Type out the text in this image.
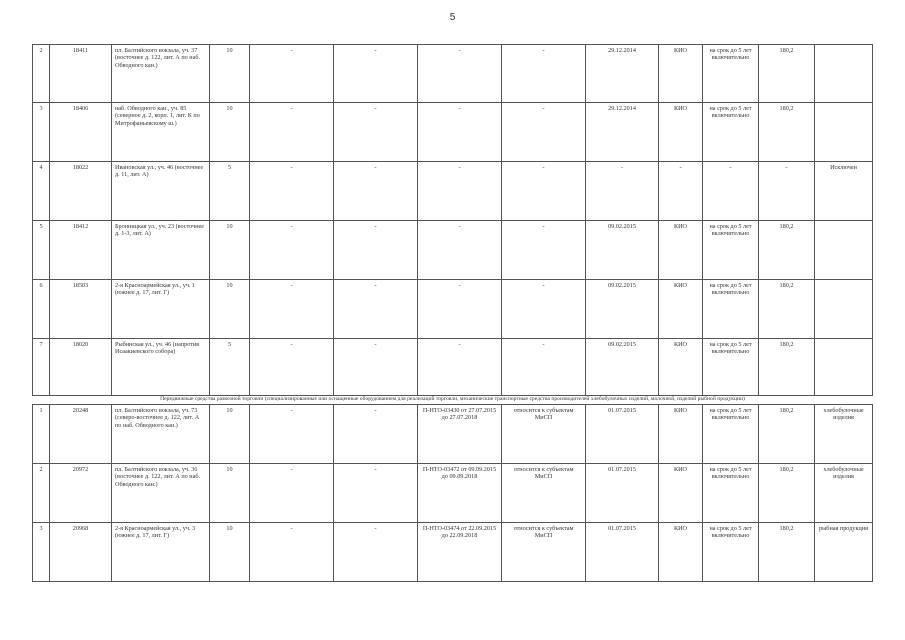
5
2	18411	пл. Балтийского вокзала, уч. 37 (восточнее д. 122, лит. А по наб. Обводного кан.)	10	-	-	-	-	29.12.2014	КИО	на срок до 5 лет включительно	180,2	
3	18406	наб. Обводного кан., уч. 85 (северное д. 2, корп. 1, лит. К по Митрофаньевскому ш.)	10	-	-	-	-	29.12.2014	КИО	на срок до 5 лет включительно	180,2	
4	18022	Ивановская ул., уч. 46 (восточнее д. 11, лит. А)	5	-	-	-	-	-	-	-	-	Исключен
5	18412	Бронницкая ул., уч. 23 (восточнее д. 1-3, лит. А)	10	-	-	-	-	09.02.2015	КИО	на срок до 5 лет включительно	180,2	
6	18503	2-я Красноармейская ул., уч. 1 (южнее д. 17, лит. Г)	10	-	-	-	-	09.02.2015	КИО	на срок до 5 лет включительно	180,2	
7	18020	Рыбинская ул., уч. 46 (напротив Исаакиевского собора)	5	-	-	-	-	09.02.2015	КИО	на срок до 5 лет включительно	180,2	
Передвижные средства развозной торговли (специализированные или оснащенные оборудованием для реализаций торговли, механические транспортные средства производителей хлебобулочных изделий, молочной, изделий рыбной продукции)												
1	20248	пл. Балтийского вокзала, уч. 73 (северо-восточнее д. 122, лит. А по наб. Обводного кан.)	10	-	-	П-НТО-03430 от 27.07.2015 до 27.07.2018	относится к субъектам МиСП	01.07.2015	КИО	на срок до 5 лет включительно	180,2	хлебобулочные изделия
2	20972	пл. Балтийского вокзала, уч. 36 (восточнее д. 122, лит. А по наб. Обводного кан.)	10	-	-	П-НТО-03472 от 09.09.2015 до 09.09.2018	относится к субъектам МиСП	01.07.2015	КИО	на срок до 5 лет включительно	180,2	хлебобулочные изделия
3	20968	2-я Красноармейская ул., уч. 3 (южнее д. 17, лит. Г)	10	-	-	П-НТО-03474 от 22.09.2015 до 22.09.2018	относится к субъектам МиСП	01.07.2015	КИО	на срок до 5 лет включительно	180,2	рыбная продукция
